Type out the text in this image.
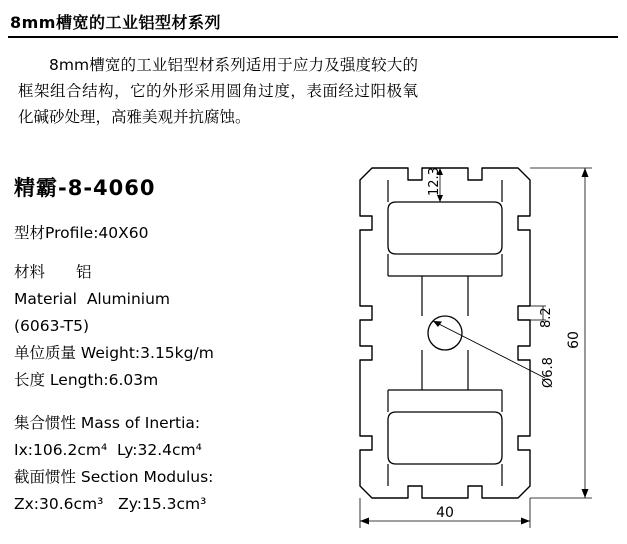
8mm槽宽的工业铝型材系列
8mm槽宽的工业铝型材系列适用于应力及强度较大的框架组合结构，它的外形采用圆角过度，表面经过阳极氧化碱砂处理，高雅美观并抗腐蚀。
精霸-8-4060
型材Profile:40X60
材料　　铝
Material  Aluminium
(6063-T5)
单位质量 Weight:3.15kg/m
长度 Length:6.03m
集合惯性 Mass of Inertia:
Ix:106.2cm⁴  Ly:32.4cm⁴
截面惯性 Section Modulus:
Zx:30.6cm³   Zy:15.3cm³
12.3
8.2
Ø6.8
60
40
